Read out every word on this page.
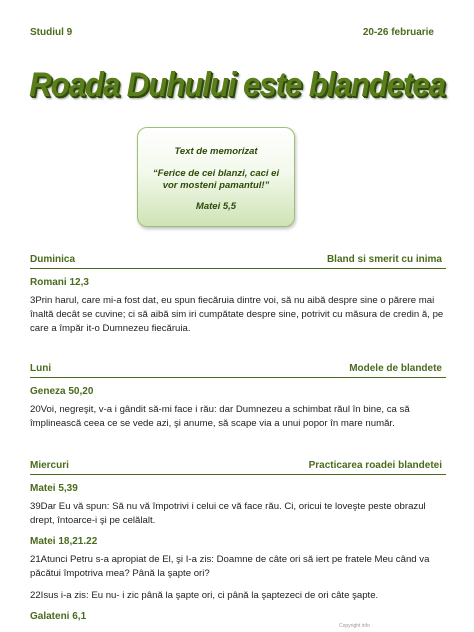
Studiul 9	20-26 februarie
Roada Duhului este blandetea
Text de memorizat
“Ferice de cei blanzi, caci ei vor mosteni pamantul!”
Matei 5,5
Duminica	Bland si smerit cu inima
Romani 12,3
3Prin harul, care mi-a fost dat, eu spun fiecăruia dintre voi, să nu aibă despre sine o părere mai înaltă decât se cuvine; ci să aibă sim iri cumpătate despre sine, potrivit cu măsura de credin ă, pe care a împăr it-o Dumnezeu fiecăruia.
Luni	Modele de blandete
Geneza 50,20
20Voi, negreşit, v-a i gândit să-mi face i rău: dar Dumnezeu a schimbat răul în bine, ca să împlinească ceea ce se vede azi, şi anume, să scape via a unui popor în mare număr.
Miercuri	Practicarea roadei blandetei
Matei 5,39
39Dar Eu vă spun: Să nu vă împotrivi i celui ce vă face rău. Ci, oricui te loveşte peste obrazul drept, întoarce-i şi pe celălalt.
Matei 18,21.22
21Atunci Petru s-a apropiat de El, şi I-a zis: Doamne de câte ori să iert pe fratele Meu când va păcătui împotriva mea? Până la şapte ori?
22Isus i-a zis: Eu nu- i zic până la şapte ori, ci până la şaptezeci de ori câte şapte.
Galateni 6,1
Copyright info
